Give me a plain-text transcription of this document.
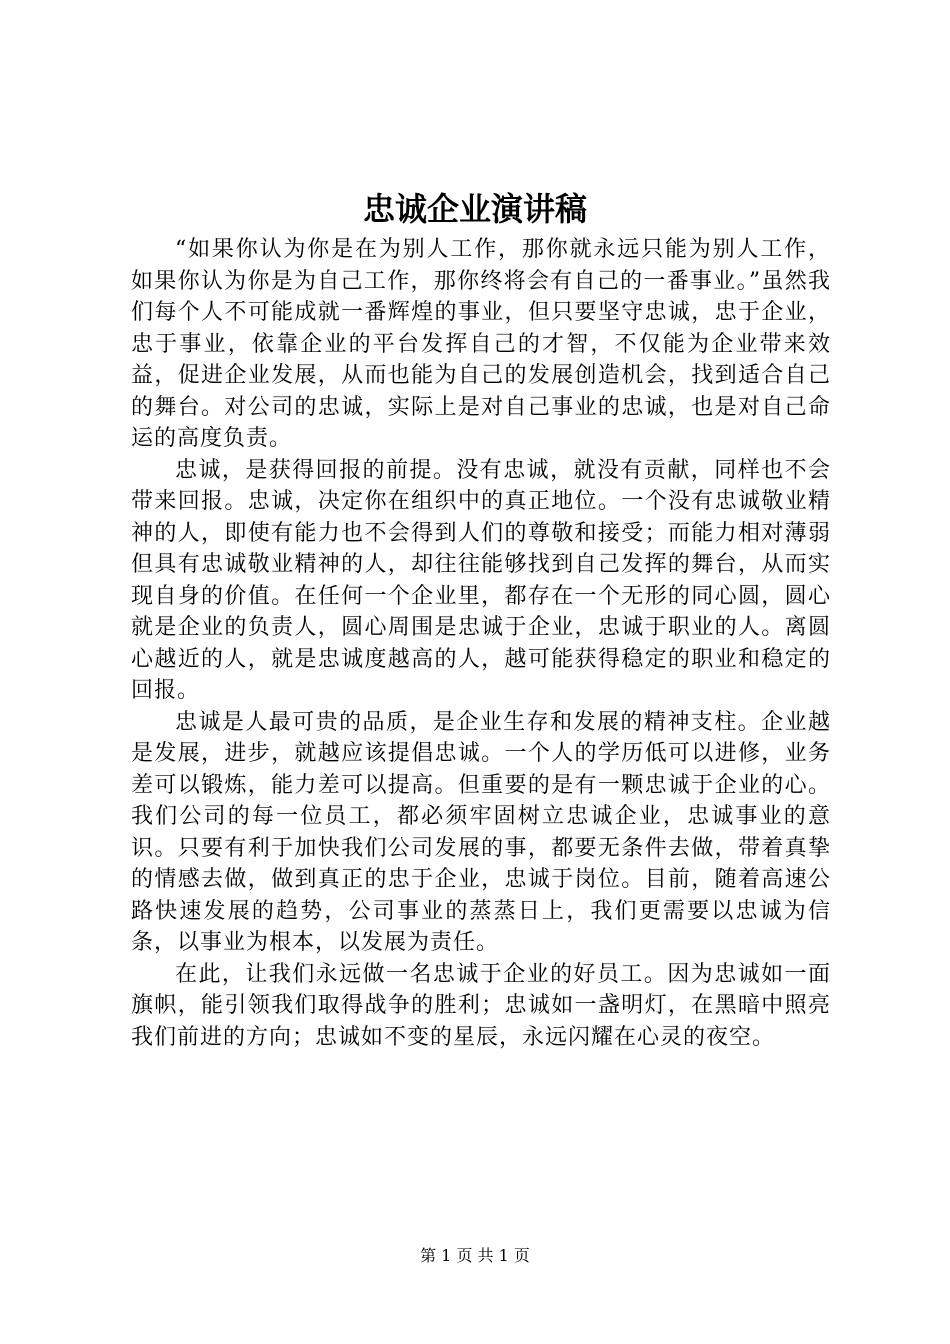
忠诚企业演讲稿

“如果你认为你是在为别人工作，那你就永远只能为别人工作，如果你认为你是为自己工作，那你终将会有自己的一番事业。”虽然我们每个人不可能成就一番辉煌的事业，但只要坚守忠诚，忠于企业，忠于事业，依靠企业的平台发挥自己的才智，不仅能为企业带来效益，促进企业发展，从而也能为自己的发展创造机会，找到适合自己的舞台。对公司的忠诚，实际上是对自己事业的忠诚，也是对自己命运的高度负责。

忠诚，是获得回报的前提。没有忠诚，就没有贡献，同样也不会带来回报。忠诚，决定你在组织中的真正地位。一个没有忠诚敬业精神的人，即使有能力也不会得到人们的尊敬和接受；而能力相对薄弱但具有忠诚敬业精神的人，却往往能够找到自己发挥的舞台，从而实现自身的价值。在任何一个企业里，都存在一个无形的同心圆，圆心就是企业的负责人，圆心周围是忠诚于企业，忠诚于职业的人。离圆心越近的人，就是忠诚度越高的人，越可能获得稳定的职业和稳定的回报。

忠诚是人最可贵的品质，是企业生存和发展的精神支柱。企业越是发展，进步，就越应该提倡忠诚。一个人的学历低可以进修，业务差可以锻炼，能力差可以提高。但重要的是有一颗忠诚于企业的心。我们公司的每一位员工，都必须牢固树立忠诚企业，忠诚事业的意识。只要有利于加快我们公司发展的事，都要无条件去做，带着真挚的情感去做，做到真正的忠于企业，忠诚于岗位。目前，随着高速公路快速发展的趋势，公司事业的蒸蒸日上，我们更需要以忠诚为信条，以事业为根本，以发展为责任。

在此，让我们永远做一名忠诚于企业的好员工。因为忠诚如一面旗帜，能引领我们取得战争的胜利；忠诚如一盏明灯，在黑暗中照亮我们前进的方向；忠诚如不变的星辰，永远闪耀在心灵的夜空。

第 1 页 共 1 页
